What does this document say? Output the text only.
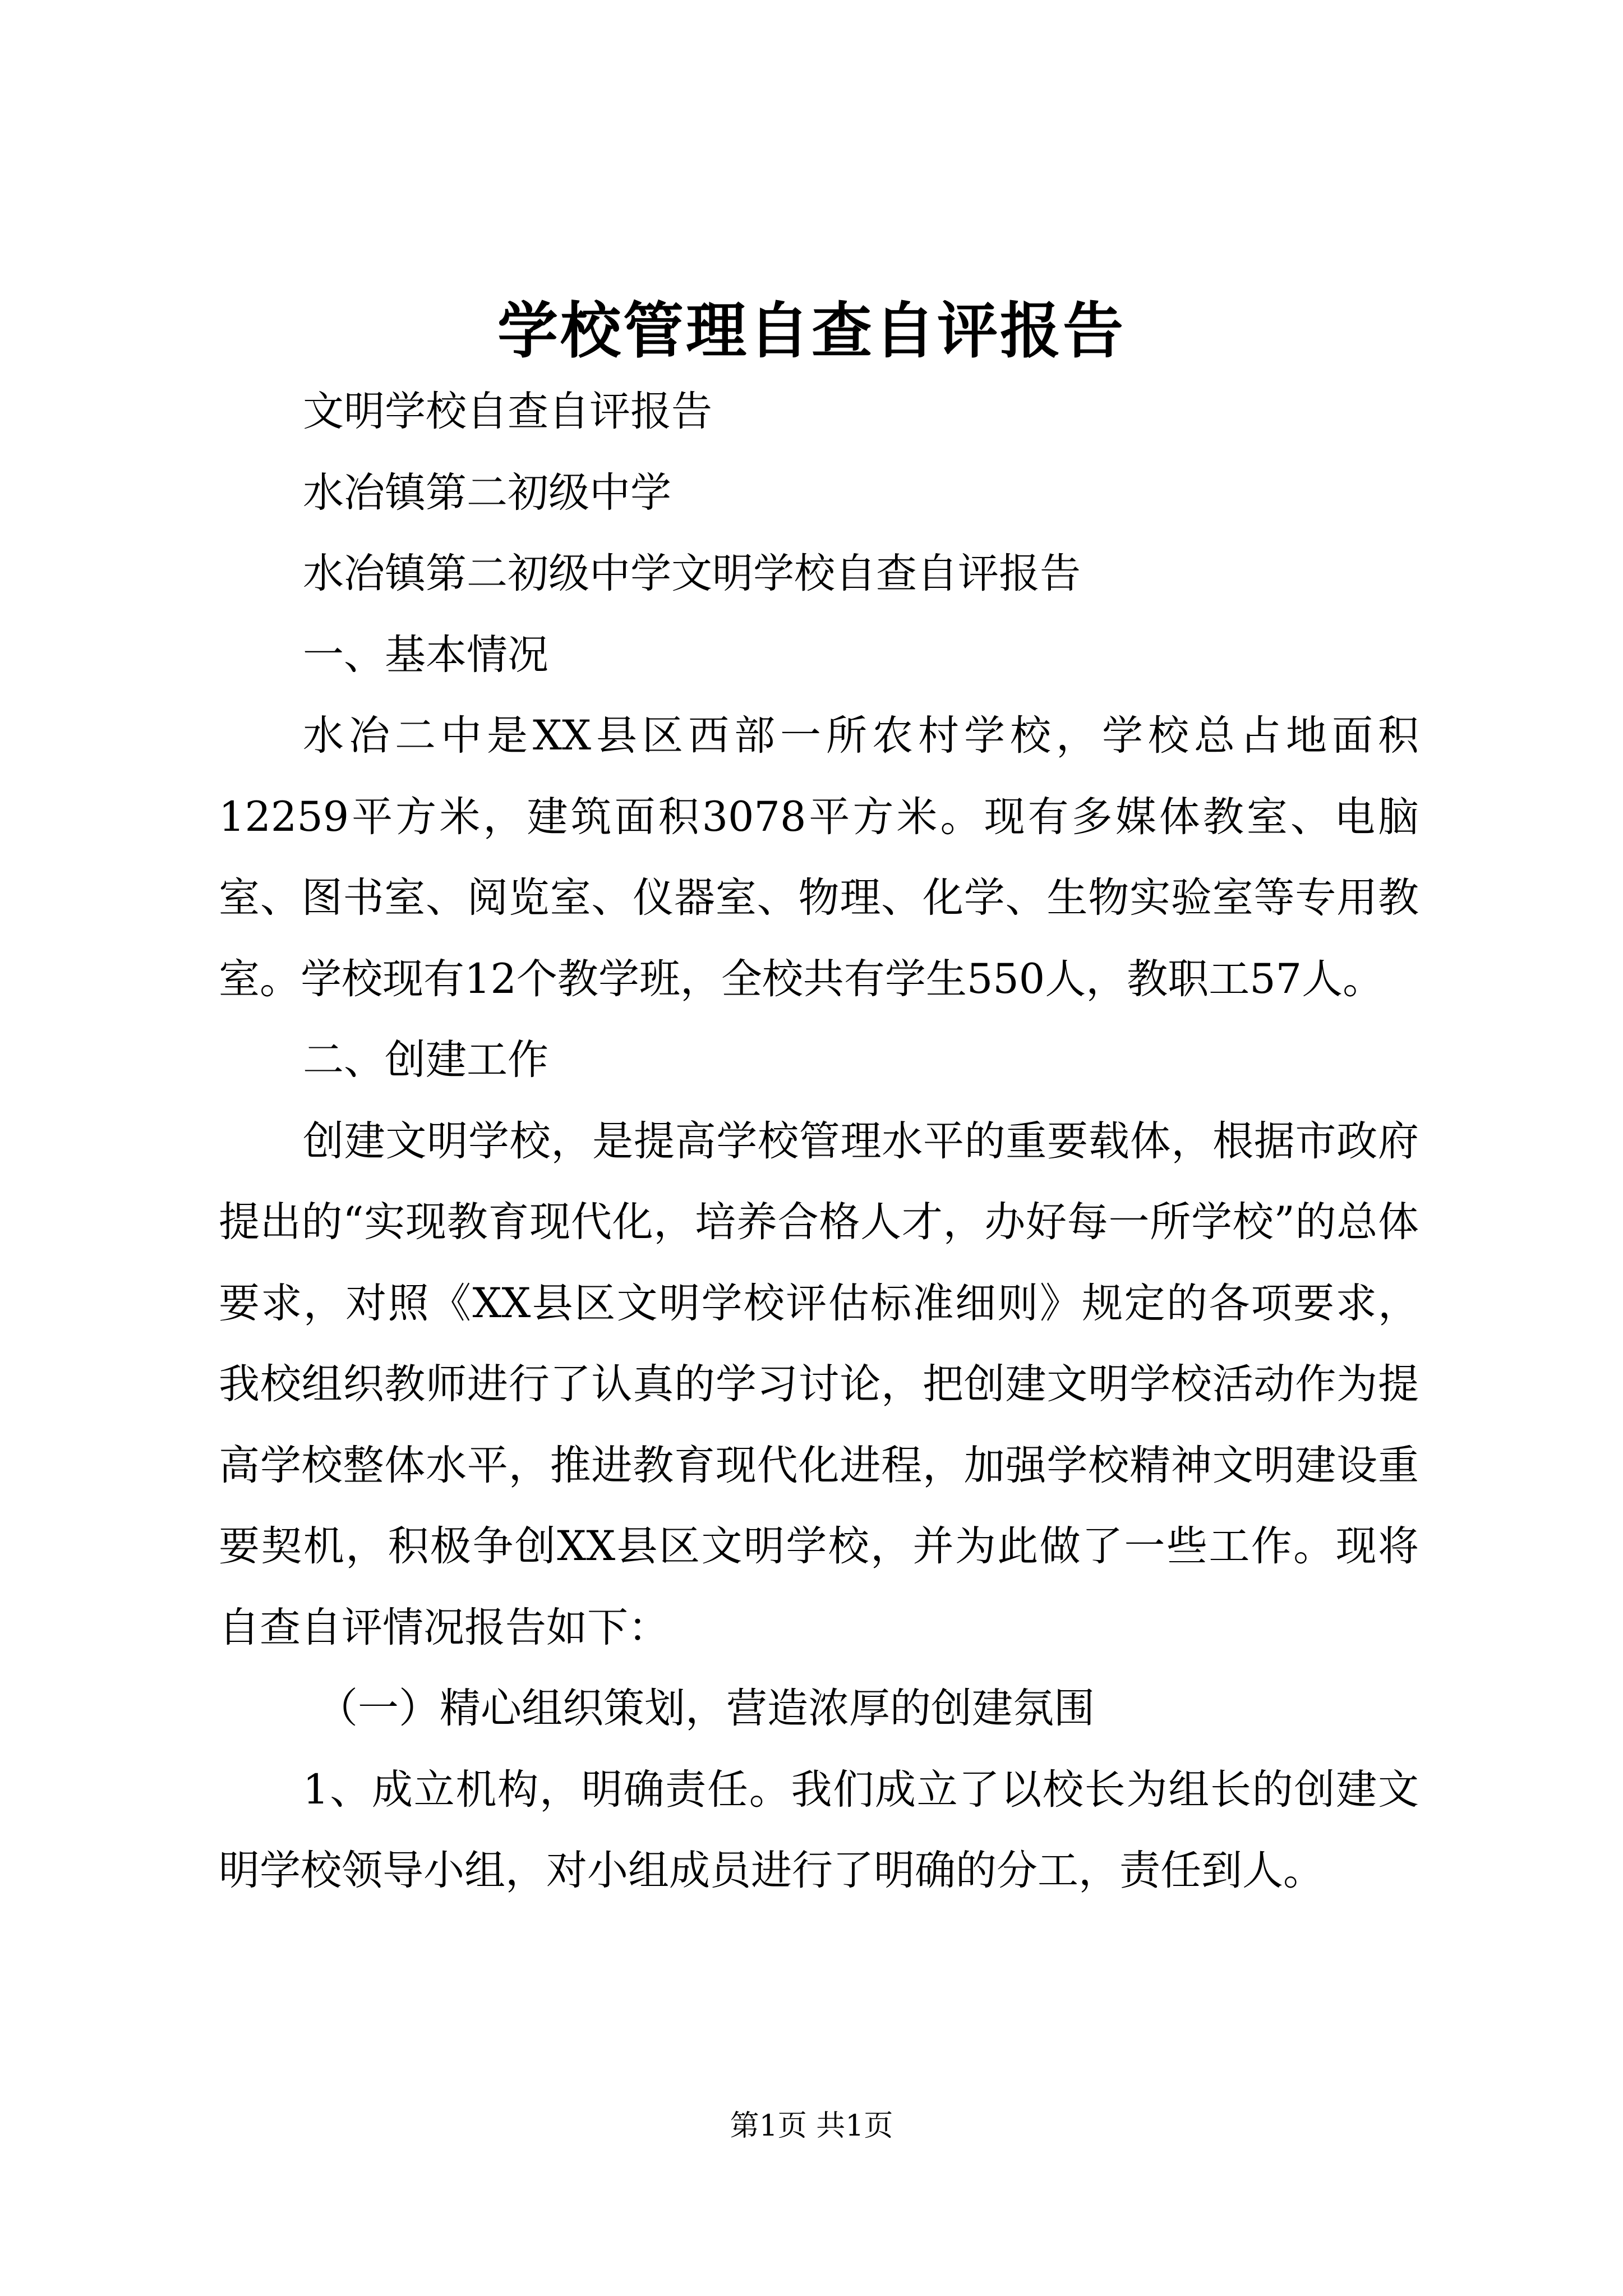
学校管理自查自评报告

文明学校自查自评报告

水冶镇第二初级中学

水冶镇第二初级中学文明学校自查自评报告

一、基本情况

水冶二中是XX县区西部一所农村学校，学校总占地面积12259平方米，建筑面积3078平方米。现有多媒体教室、电脑室、图书室、阅览室、仪器室、物理、化学、生物实验室等专用教室。学校现有12个教学班，全校共有学生550人，教职工57人。

二、创建工作

创建文明学校，是提高学校管理水平的重要载体，根据市政府提出的“实现教育现代化，培养合格人才，办好每一所学校”的总体要求，对照《XX县区文明学校评估标准细则》规定的各项要求，我校组织教师进行了认真的学习讨论，把创建文明学校活动作为提高学校整体水平，推进教育现代化进程，加强学校精神文明建设重要契机，积极争创XX县区文明学校，并为此做了一些工作。现将自查自评情况报告如下：

（一）精心组织策划，营造浓厚的创建氛围

1、成立机构，明确责任。我们成立了以校长为组长的创建文明学校领导小组，对小组成员进行了明确的分工，责任到人。

第1页 共1页
